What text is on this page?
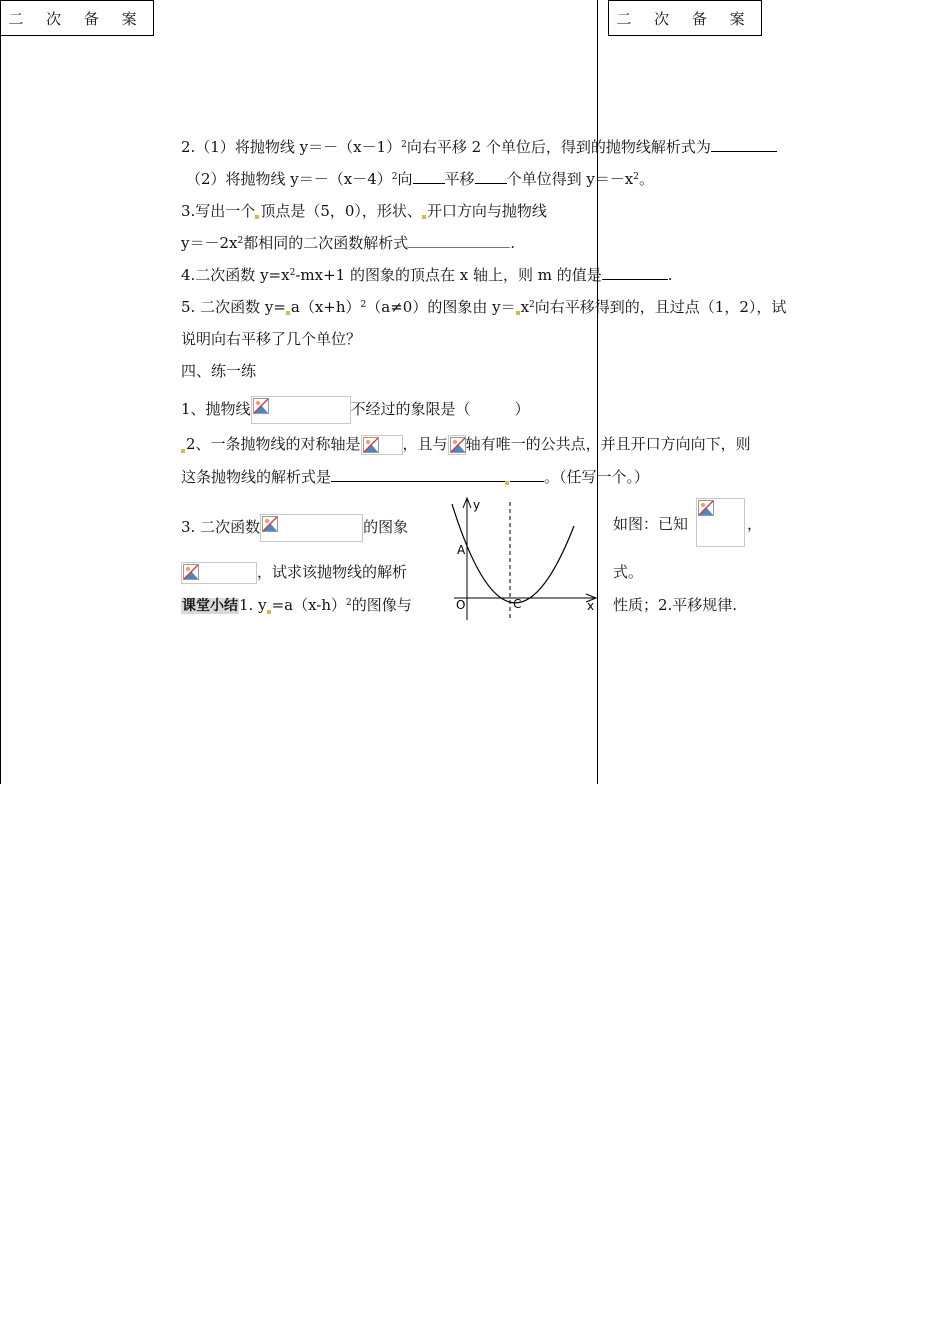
二 次 备 案	二 次 备 案
2.（1）将抛物线 $y=-(x-1)^2$向右平移 2 个单位后，得到的抛物线解析式为
（2）将抛物线 $y=-(x-4)^2$向 平移 个单位得到 $y=-x^2$。
3.写出一个 顶点是（5，0），形状、 开口方向与抛物线
$y=-2x^2$都相同的二次函数解析式	.
4.二次函数 $y=x^2-mx+1$ 的图象的顶点在 x 轴上，则 m 的值是	.
5. 二次函数 $y= a(x+h)^2(a\ne 0)$的图象由 $y= x^2$向右平移得到的，且过点（1，2），试
说明向右平移了几个单位？
四、练一练
1、抛物线	不经过的象限是（	）
2、一条抛物线的对称轴是	，且与 轴有唯一的公共点，并且开口方向向下，则
这条抛物线的解析式是	。（任写一个。）
3. 二次函数	的图象	如图：已知	，
，试求该抛物线的解析	式。
课堂小结1. $y =a(x-h)^2$的图像与	性质；2.平移规律.
y
A
O	C	x
